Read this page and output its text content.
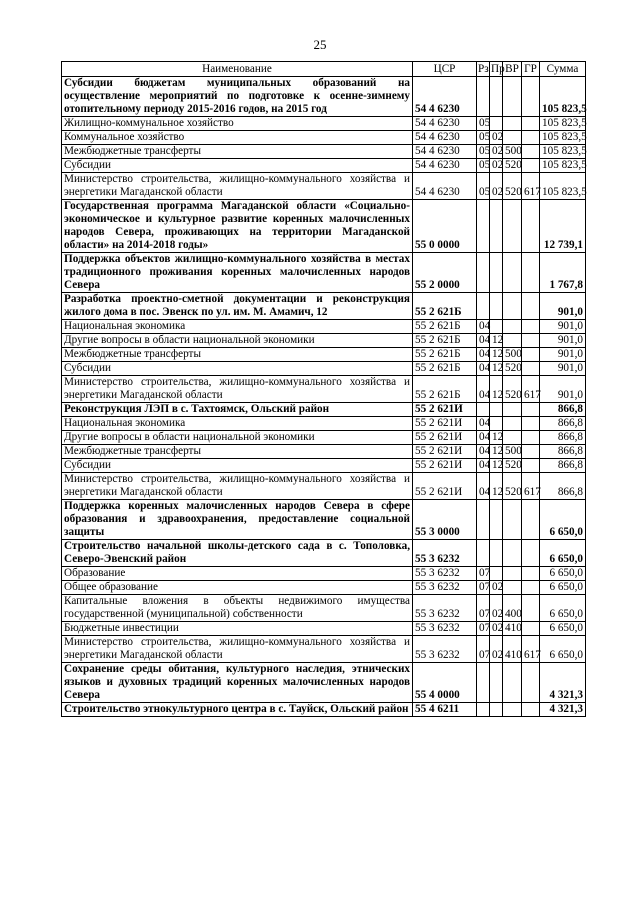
25
Наименование	ЦСР	Рз	Пр	ВР	ГР	Сумма
Субсидии бюджетам муниципальных образований на осуществление мероприятий по подготовке к осенне-зимнему отопительному периоду 2015-2016 годов, на 2015 год	54 4 6230					105 823,5
Жилищно-коммунальное хозяйство	54 4 6230	05				105 823,5
Коммунальное хозяйство	54 4 6230	05	02			105 823,5
Межбюджетные трансферты	54 4 6230	05	02	500		105 823,5
Субсидии	54 4 6230	05	02	520		105 823,5
Министерство строительства, жилищно-коммунального хозяйства и энергетики Магаданской области	54 4 6230	05	02	520	617	105 823,5
Государственная программа Магаданской области «Социально-экономическое и культурное развитие коренных малочисленных народов Севера, проживающих на территории Магаданской области» на 2014-2018 годы»	55 0 0000					12 739,1
Поддержка объектов жилищно-коммунального хозяйства в местах традиционного проживания коренных малочисленных народов Севера	55 2 0000					1 767,8
Разработка проектно-сметной документации и реконструкция жилого дома в пос. Эвенск по ул. им. М. Амамич, 12	55 2 621Б					901,0
Национальная экономика	55 2 621Б	04				901,0
Другие вопросы в области национальной экономики	55 2 621Б	04	12			901,0
Межбюджетные трансферты	55 2 621Б	04	12	500		901,0
Субсидии	55 2 621Б	04	12	520		901,0
Министерство строительства, жилищно-коммунального хозяйства и энергетики Магаданской области	55 2 621Б	04	12	520	617	901,0
Реконструкция ЛЭП в с. Тахтоямск, Ольский район	55 2 621И					866,8
Национальная экономика	55 2 621И	04				866,8
Другие вопросы в области национальной экономики	55 2 621И	04	12			866,8
Межбюджетные трансферты	55 2 621И	04	12	500		866,8
Субсидии	55 2 621И	04	12	520		866,8
Министерство строительства, жилищно-коммунального хозяйства и энергетики Магаданской области	55 2 621И	04	12	520	617	866,8
Поддержка коренных малочисленных народов Севера в сфере образования и здравоохранения, предоставление социальной защиты	55 3 0000					6 650,0
Строительство начальной школы-детского сада в с. Тополовка, Северо-Эвенский район	55 3 6232					6 650,0
Образование	55 3 6232	07				6 650,0
Общее образование	55 3 6232	07	02			6 650,0
Капитальные вложения в объекты недвижимого имущества государственной (муниципальной) собственности	55 3 6232	07	02	400		6 650,0
Бюджетные инвестиции	55 3 6232	07	02	410		6 650,0
Министерство строительства, жилищно-коммунального хозяйства и энергетики Магаданской области	55 3 6232	07	02	410	617	6 650,0
Сохранение среды обитания, культурного наследия, этнических языков и духовных традиций коренных малочисленных народов Севера	55 4 0000					4 321,3
Строительство этнокультурного центра в с. Тауйск, Ольский район	55 4 6211					4 321,3
